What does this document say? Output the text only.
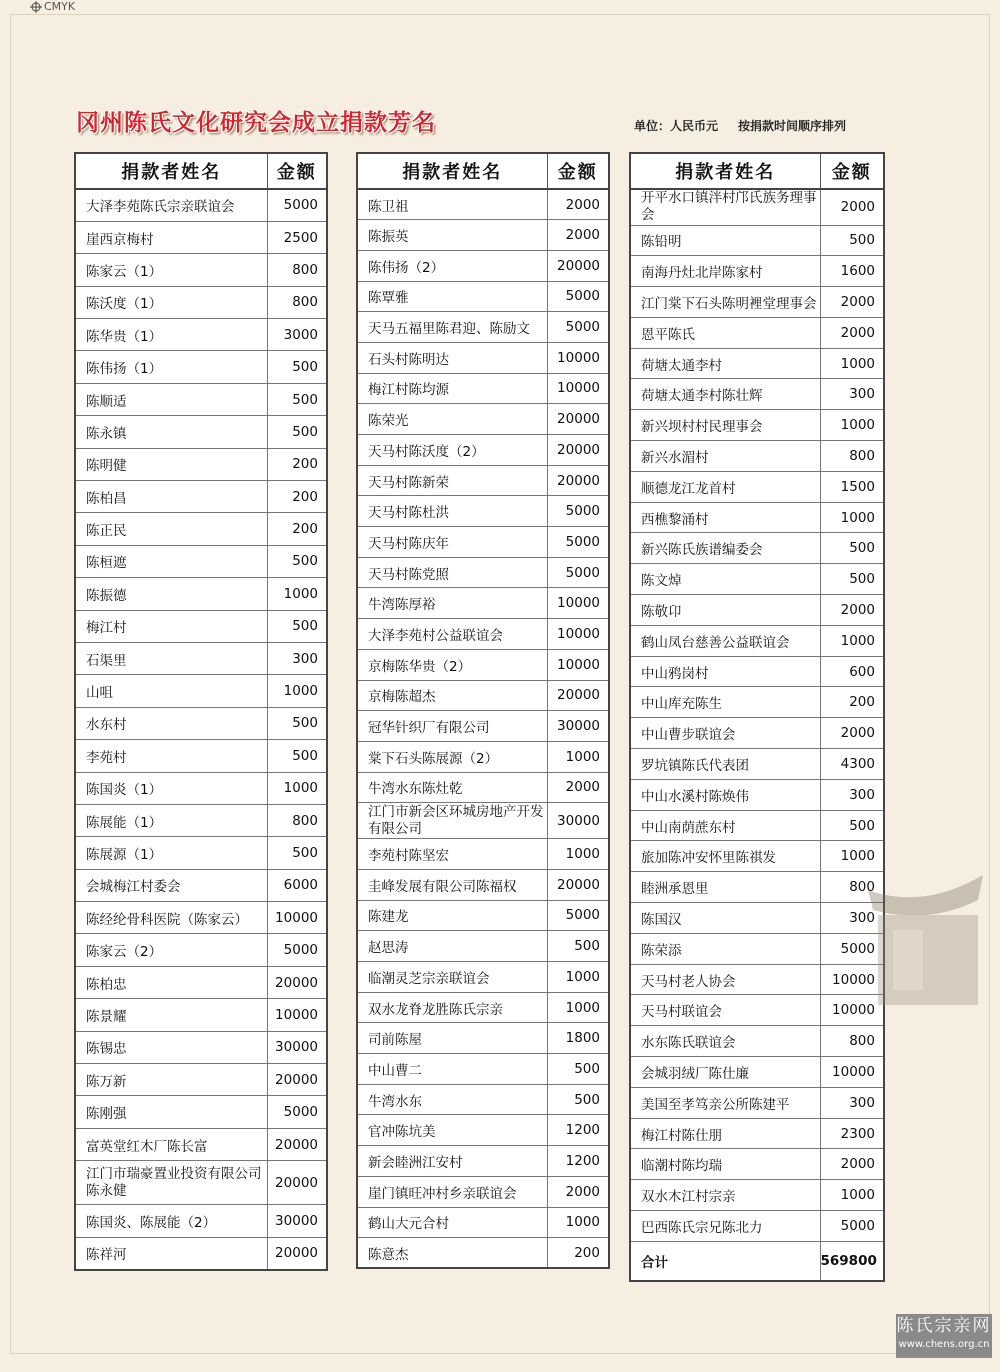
CMYK
冈州陈氏文化研究会成立捐款芳名	单位：人民币元 按捐款时间顺序排列
捐款者姓名	金额
大泽李苑陈氏宗亲联谊会	5000
崖西京梅村	2500
陈家云（1）	800
陈沃度（1）	800
陈华贵（1）	3000
陈伟扬（1）	500
陈顺适	500
陈永镇	500
陈明健	200
陈柏昌	200
陈正民	200
陈桓遮	500
陈振德	1000
梅江村	500
石渠里	300
山咀	1000
水东村	500
李苑村	500
陈国炎（1）	1000
陈展能（1）	800
陈展源（1）	500
会城梅江村委会	6000
陈经纶骨科医院（陈家云）	10000
陈家云（2）	5000
陈柏忠	20000
陈景耀	10000
陈锡忠	30000
陈万新	20000
陈刚强	5000
富英堂红木厂陈长富	20000
江门市瑞豪置业投资有限公司陈永健	20000
陈国炎、陈展能（2）	30000
陈祥河	20000
捐款者姓名	金额
陈卫祖	2000
陈振英	2000
陈伟扬（2）	20000
陈覃雅	5000
天马五福里陈君迎、陈励文	5000
石头村陈明达	10000
梅江村陈均源	10000
陈荣光	20000
天马村陈沃度（2）	20000
天马村陈新荣	20000
天马村陈杜洪	5000
天马村陈庆年	5000
天马村陈党照	5000
牛湾陈厚裕	10000
大泽李苑村公益联谊会	10000
京梅陈华贵（2）	10000
京梅陈超杰	20000
冠华针织厂有限公司	30000
棠下石头陈展源（2）	1000
牛湾水东陈灶乾	2000
江门市新会区环城房地产开发有限公司	30000
李苑村陈坚宏	1000
圭峰发展有限公司陈福权	20000
陈建龙	5000
赵思涛	500
临潮灵芝宗亲联谊会	1000
双水龙脊龙胜陈氏宗亲	1000
司前陈屋	1800
中山曹二	500
牛湾水东	500
官冲陈坑美	1200
新会睦洲江安村	1200
崖门镇旺冲村乡亲联谊会	2000
鹤山大元合村	1000
陈意杰	200
捐款者姓名	金额
开平水口镇泮村邝氏族务理事会	2000
陈铅明	500
南海丹灶北岸陈家村	1600
江门棠下石头陈明裡堂理事会	2000
恩平陈氏	2000
荷塘太通李村	1000
荷塘太通李村陈壮辉	300
新兴坝村村民理事会	1000
新兴水湄村	800
顺德龙江龙首村	1500
西樵黎涌村	1000
新兴陈氏族谱编委会	500
陈文焯	500
陈敬卬	2000
鹤山凤台慈善公益联谊会	1000
中山鸦岗村	600
中山库充陈生	200
中山曹步联谊会	2000
罗坑镇陈氏代表团	4300
中山水溪村陈焕伟	300
中山南荫蔗东村	500
旅加陈冲安怀里陈祺发	1000
睦洲承恩里	800
陈国汉	300
陈荣添	5000
天马村老人协会	10000
天马村联谊会	10000
水东陈氏联谊会	800
会城羽绒厂陈仕廉	10000
美国至孝笃亲公所陈建平	300
梅江村陈仕朋	2300
临潮村陈均瑞	2000
双水木江村宗亲	1000
巴西陈氏宗兄陈北力	5000
合计	569800
陈氏宗亲网
www.chens.org.cn
